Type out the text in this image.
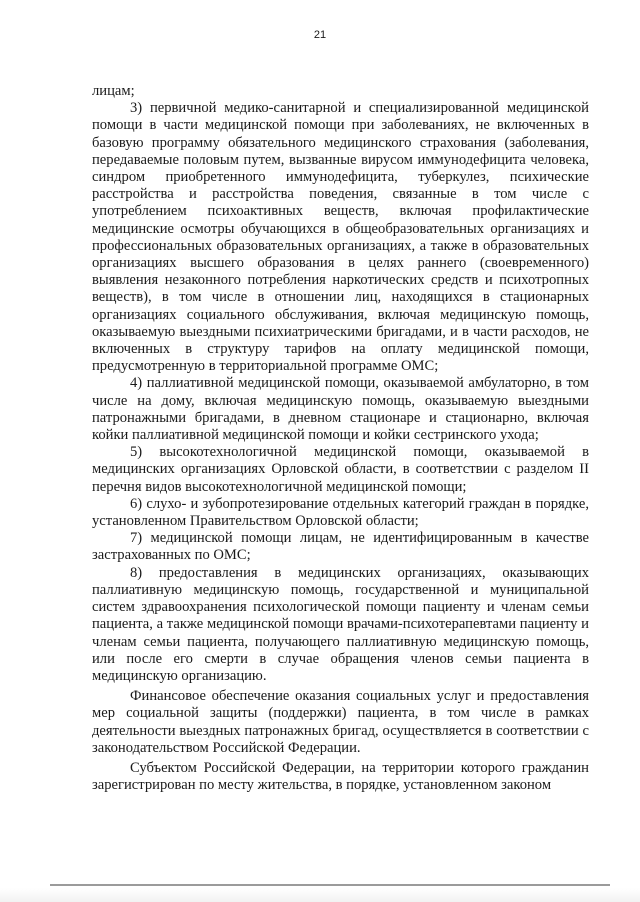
21

лицам;

3) первичной медико-санитарной и специализированной медицинской помощи в части медицинской помощи при заболеваниях, не включенных в базовую программу обязательного медицинского страхования (заболевания, передаваемые половым путем, вызванные вирусом иммунодефицита человека, синдром приобретенного иммунодефицита, туберкулез, психические расстройства и расстройства поведения, связанные в том числе с употреблением психоактивных веществ, включая профилактические медицинские осмотры обучающихся в общеобразовательных организациях и профессиональных образовательных организациях, а также в образовательных организациях высшего образования в целях раннего (своевременного) выявления незаконного потребления наркотических средств и психотропных веществ), в том числе в отношении лиц, находящихся в стационарных организациях социального обслуживания, включая медицинскую помощь, оказываемую выездными психиатрическими бригадами, и в части расходов, не включенных в структуру тарифов на оплату медицинской помощи, предусмотренную в территориальной программе ОМС;

4) паллиативной медицинской помощи, оказываемой амбулаторно, в том числе на дому, включая медицинскую помощь, оказываемую выездными патронажными бригадами, в дневном стационаре и стационарно, включая койки паллиативной медицинской помощи и койки сестринского ухода;

5) высокотехнологичной медицинской помощи, оказываемой в медицинских организациях Орловской области, в соответствии с разделом II перечня видов высокотехнологичной медицинской помощи;

6) слухо- и зубопротезирование отдельных категорий граждан в порядке, установленном Правительством Орловской области;

7) медицинской помощи лицам, не идентифицированным в качестве застрахованных по ОМС;

8) предоставления в медицинских организациях, оказывающих паллиативную медицинскую помощь, государственной и муниципальной систем здравоохранения психологической помощи пациенту и членам семьи пациента, а также медицинской помощи врачами-психотерапевтами пациенту и членам семьи пациента, получающего паллиативную медицинскую помощь, или после его смерти в случае обращения членов семьи пациента в медицинскую организацию.

Финансовое обеспечение оказания социальных услуг и предоставления мер социальной защиты (поддержки) пациента, в том числе в рамках деятельности выездных патронажных бригад, осуществляется в соответствии с законодательством Российской Федерации.

Субъектом Российской Федерации, на территории которого гражданин зарегистрирован по месту жительства, в порядке, установленном законом
